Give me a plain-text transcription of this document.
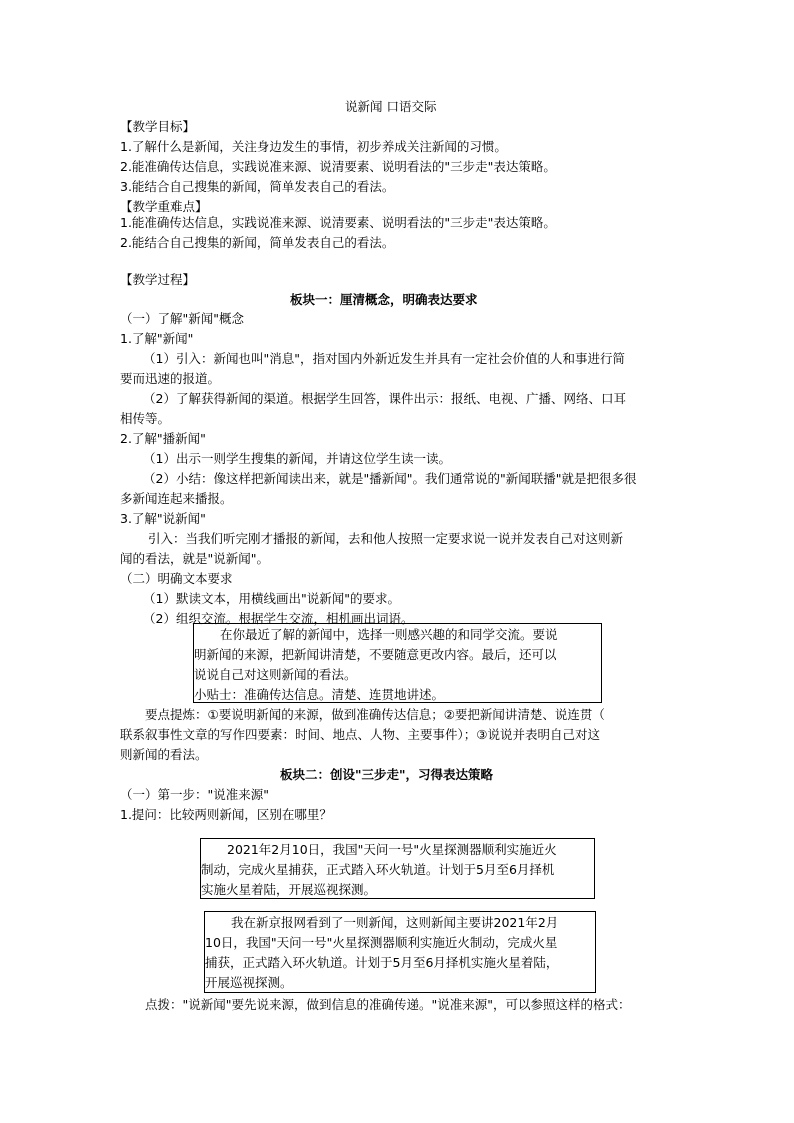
说新闻 口语交际
【教学目标】
1.了解什么是新闻，关注身边发生的事情，初步养成关注新闻的习惯。
2.能准确传达信息，实践说准来源、说清要素、说明看法的"三步走"表达策略。
3.能结合自己搜集的新闻，简单发表自己的看法。
【教学重难点】
1.能准确传达信息，实践说准来源、说清要素、说明看法的"三步走"表达策略。
2.能结合自己搜集的新闻，简单发表自己的看法。
【教学过程】
板块一：厘清概念，明确表达要求
（一）了解"新闻"概念
1.了解"新闻"
（1）引入：新闻也叫"消息"，指对国内外新近发生并具有一定社会价值的人和事进行简
要而迅速的报道。
（2）了解获得新闻的渠道。根据学生回答，课件出示：报纸、电视、广播、网络、口耳
相传等。
2.了解"播新闻"
（1）出示一则学生搜集的新闻，并请这位学生读一读。
（2）小结：像这样把新闻读出来，就是"播新闻"。我们通常说的"新闻联播"就是把很多很
多新闻连起来播报。
3.了解"说新闻"
引入：当我们听完刚才播报的新闻，去和他人按照一定要求说一说并发表自己对这则新
闻的看法，就是"说新闻"。
（二）明确文本要求
（1）默读文本，用横线画出"说新闻"的要求。
（2）组织交流。根据学生交流，相机画出词语。
在你最近了解的新闻中，选择一则感兴趣的和同学交流。要说
明新闻的来源，把新闻讲清楚，不要随意更改内容。最后，还可以
说说自己对这则新闻的看法。
小贴士：准确传达信息。清楚、连贯地讲述。
要点提炼：①要说明新闻的来源，做到准确传达信息；②要把新闻讲清楚、说连贯（
联系叙事性文章的写作四要素：时间、地点、人物、主要事件）；③说说并表明自己对这
则新闻的看法。
板块二：创设"三步走"，习得表达策略
（一）第一步："说准来源"
1.提问：比较两则新闻，区别在哪里？
2021年2月10日，我国"天问一号"火星探测器顺利实施近火
制动，完成火星捕获，正式踏入环火轨道。计划于5月至6月择机
实施火星着陆，开展巡视探测。
我在新京报网看到了一则新闻，这则新闻主要讲2021年2月
10日，我国"天问一号"火星探测器顺利实施近火制动，完成火星
捕获，正式踏入环火轨道。计划于5月至6月择机实施火星着陆，
开展巡视探测。
点拨："说新闻"要先说来源，做到信息的准确传递。"说准来源"，可以参照这样的格式：
